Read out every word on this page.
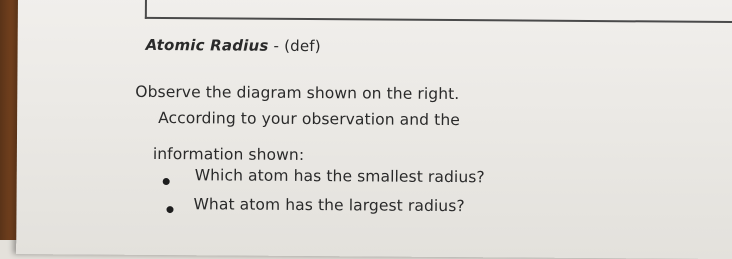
Atomic Radius - (def)
Observe the diagram shown on the right.
According to your observation and the
information shown:
Which atom has the smallest radius?
What atom has the largest radius?
